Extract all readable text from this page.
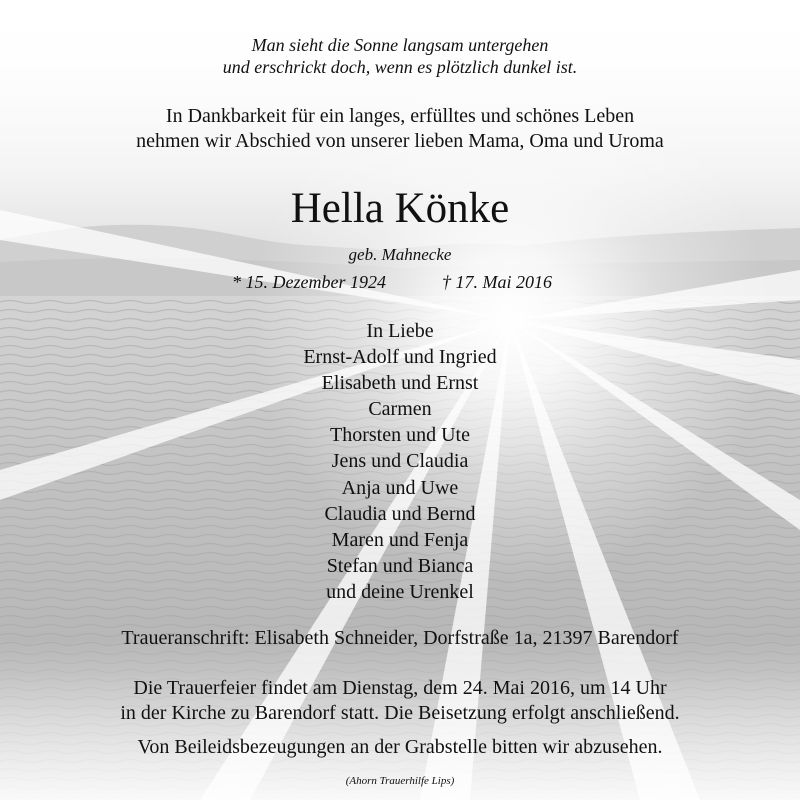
Man sieht die Sonne langsam untergehen
und erschrickt doch, wenn es plötzlich dunkel ist.
In Dankbarkeit für ein langes, erfülltes und schönes Leben
nehmen wir Abschied von unserer lieben Mama, Oma und Uroma
Hella Könke
geb. Mahnecke
* 15. Dezember 1924	† 17. Mai 2016
In Liebe
Ernst-Adolf und Ingried
Elisabeth und Ernst
Carmen
Thorsten und Ute
Jens und Claudia
Anja und Uwe
Claudia und Bernd
Maren und Fenja
Stefan und Bianca
und deine Urenkel
Traueranschrift: Elisabeth Schneider, Dorfstraße 1a, 21397 Barendorf
Die Trauerfeier findet am Dienstag, dem 24. Mai 2016, um 14 Uhr
in der Kirche zu Barendorf statt. Die Beisetzung erfolgt anschließend.
Von Beileidsbezeugungen an der Grabstelle bitten wir abzusehen.
(Ahorn Trauerhilfe Lips)
